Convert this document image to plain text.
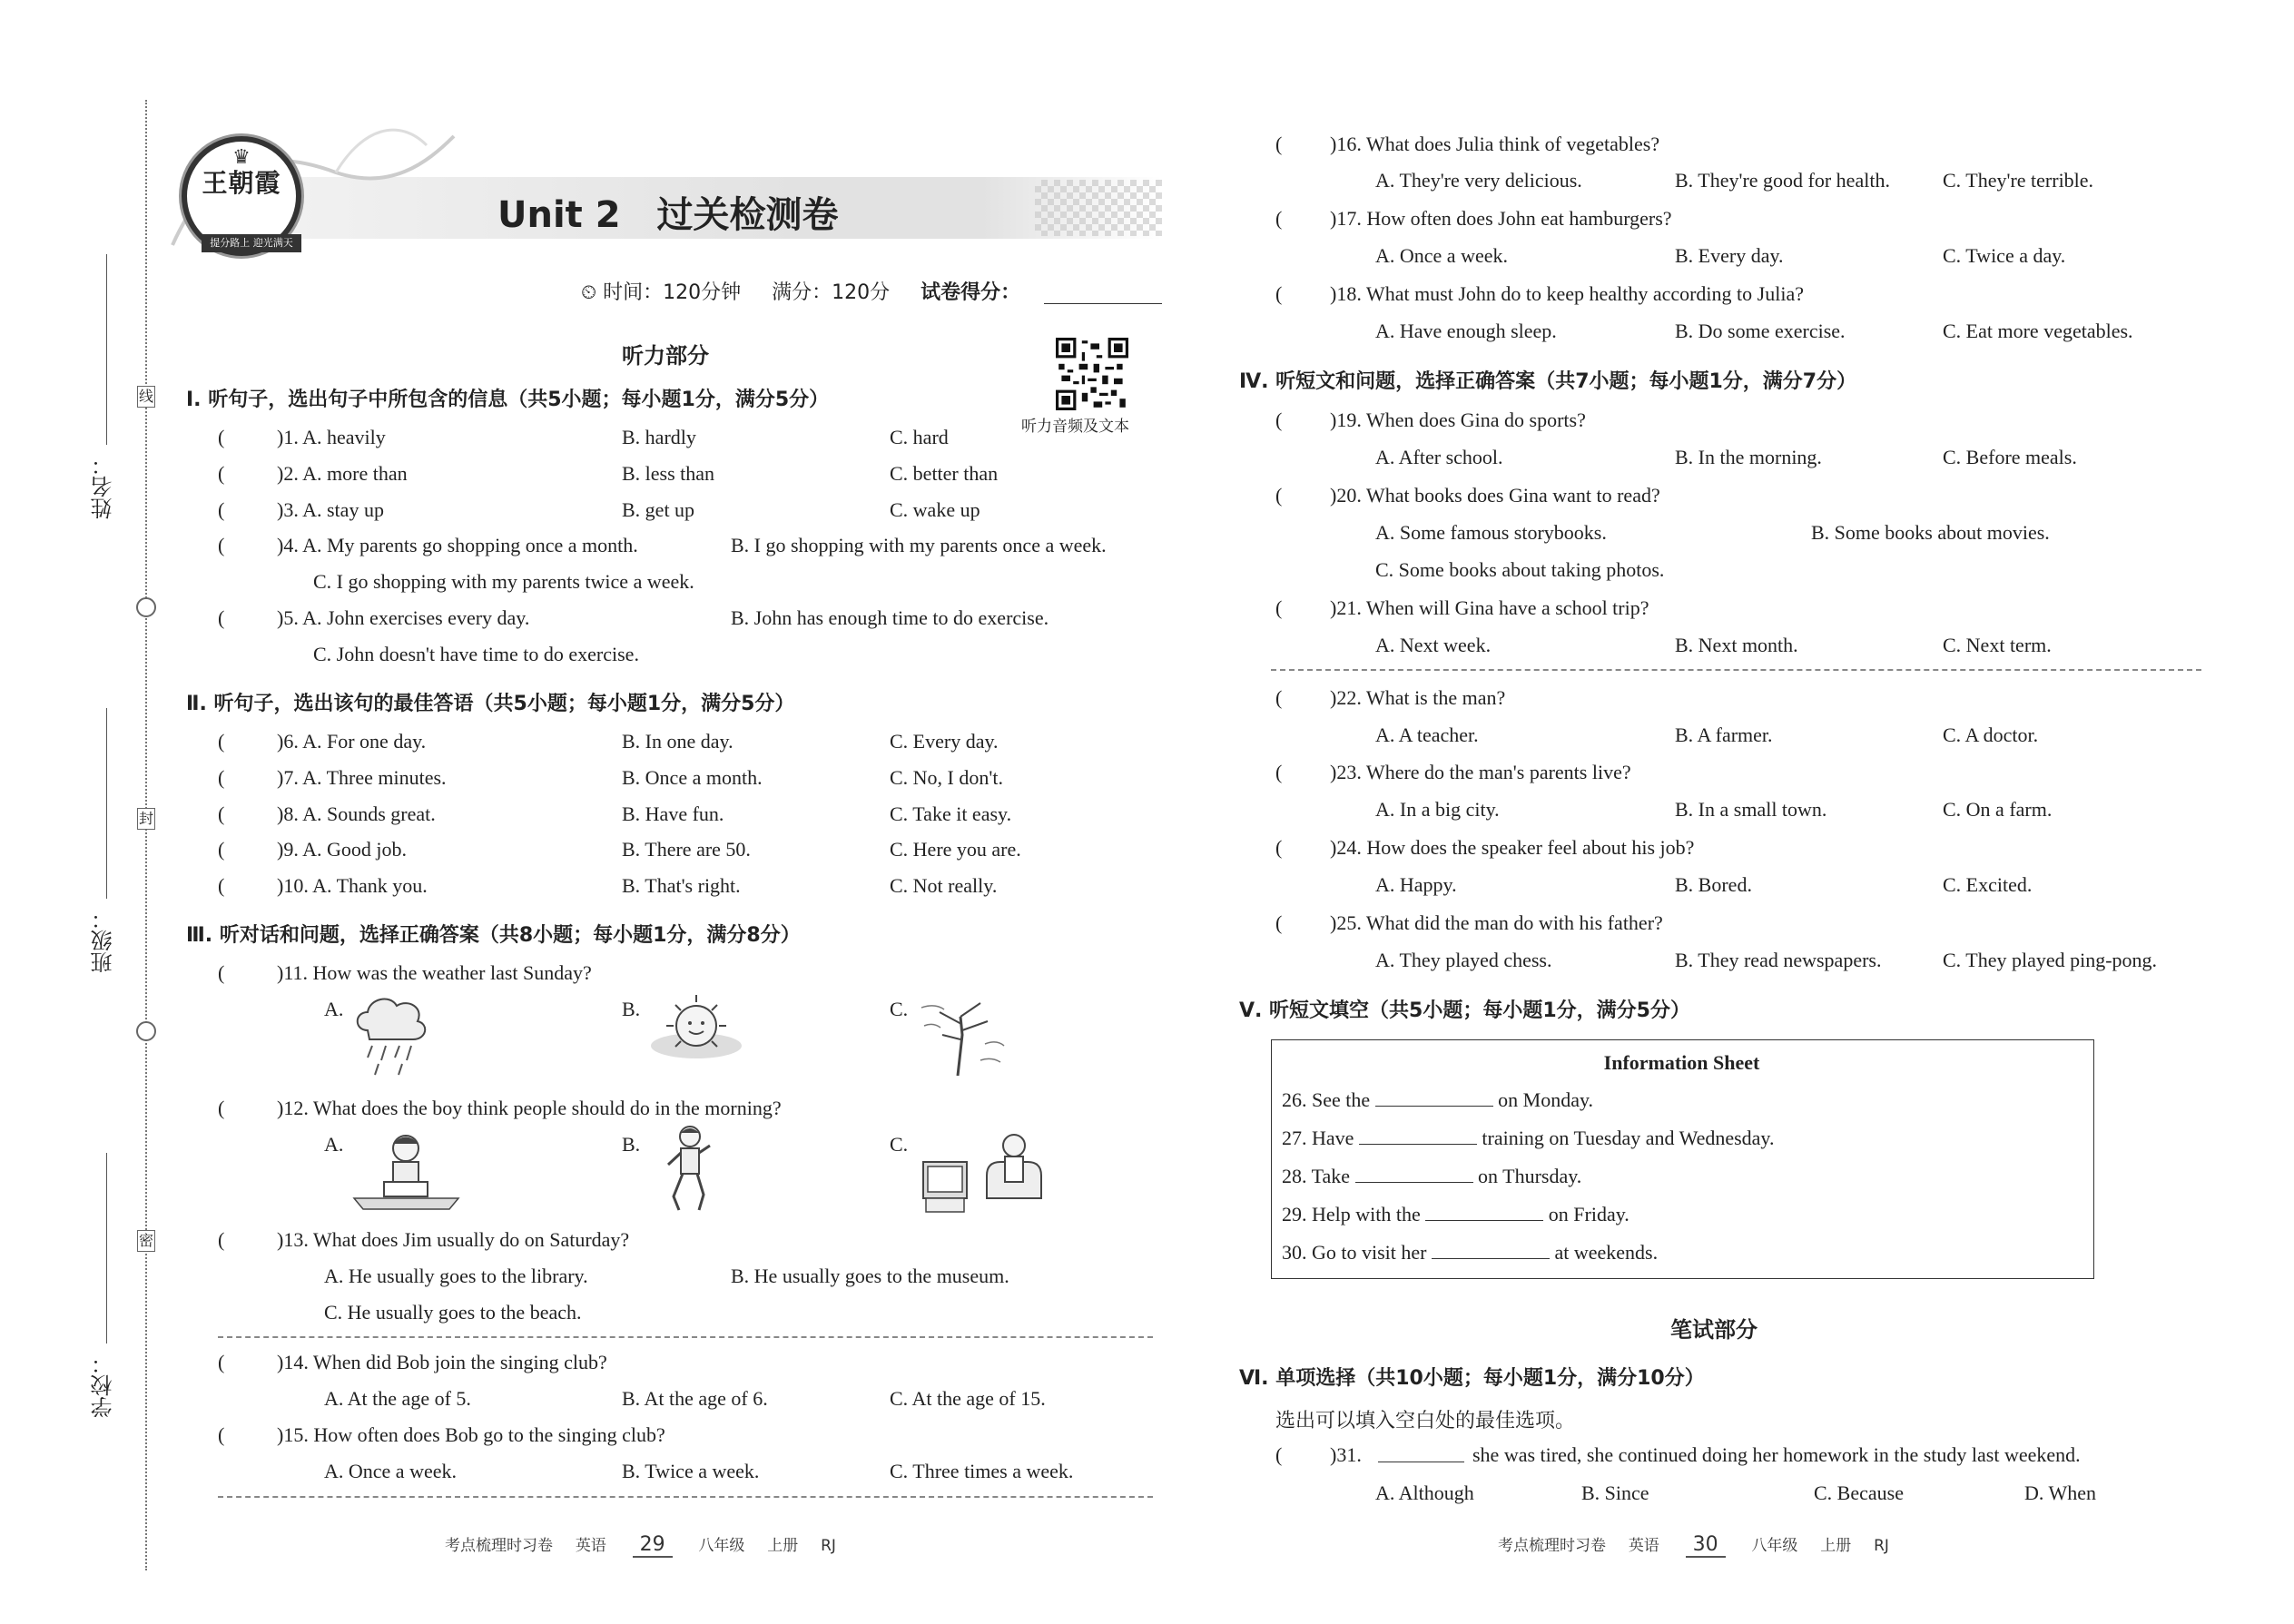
线
封
密
姓名：
班级：
学校：
♛
王朝霞
提分路上 迎光满天
Unit 2 过关检测卷
⏲ 时间：120分钟 满分：120分 试卷得分：
听力部分
听力音频及文本
Ⅰ. 听句子，选出句子中所包含的信息（共5小题；每小题1分，满分5分）
(	)1. A. heavily	B. hardly	C. hard
(	)2. A. more than	B. less than	C. better than
(	)3. A. stay up	B. get up	C. wake up
(	)4. A. My parents go shopping once a month.	B. I go shopping with my parents once a week.
C. I go shopping with my parents twice a week.
(	)5. A. John exercises every day.	B. John has enough time to do exercise.
C. John doesn't have time to do exercise.
Ⅱ. 听句子，选出该句的最佳答语（共5小题；每小题1分，满分5分）
(	)6. A. For one day.	B. In one day.	C. Every day.
(	)7. A. Three minutes.	B. Once a month.	C. No, I don't.
(	)8. A. Sounds great.	B. Have fun.	C. Take it easy.
(	)9. A. Good job.	B. There are 50.	C. Here you are.
(	)10. A. Thank you.	B. That's right.	C. Not really.
Ⅲ. 听对话和问题，选择正确答案（共8小题；每小题1分，满分8分）
(	)11. How was the weather last Sunday?
A.	B.	C.
(	)12. What does the boy think people should do in the morning?
A.	B.	C.
(	)13. What does Jim usually do on Saturday?
A. He usually goes to the library.	B. He usually goes to the museum.
C. He usually goes to the beach.
(	)14. When did Bob join the singing club?
A. At the age of 5.	B. At the age of 6.	C. At the age of 15.
(	)15. How often does Bob go to the singing club?
A. Once a week.	B. Twice a week.	C. Three times a week.
考点梳理时习卷 英语 29 八年级 上册 RJ
( )16. What does Julia think of vegetables?
A. They're very delicious.	B. They're good for health.	C. They're terrible.
( )17. How often does John eat hamburgers?
A. Once a week.	B. Every day.	C. Twice a day.
( )18. What must John do to keep healthy according to Julia?
A. Have enough sleep.	B. Do some exercise.	C. Eat more vegetables.
Ⅳ. 听短文和问题，选择正确答案（共7小题；每小题1分，满分7分）
( )19. When does Gina do sports?
A. After school.	B. In the morning.	C. Before meals.
( )20. What books does Gina want to read?
A. Some famous storybooks.	B. Some books about movies.
C. Some books about taking photos.
( )21. When will Gina have a school trip?
A. Next week.	B. Next month.	C. Next term.
( )22. What is the man?
A. A teacher.	B. A farmer.	C. A doctor.
( )23. Where do the man's parents live?
A. In a big city.	B. In a small town.	C. On a farm.
( )24. How does the speaker feel about his job?
A. Happy.	B. Bored.	C. Excited.
( )25. What did the man do with his father?
A. They played chess.	B. They read newspapers.	C. They played ping-pong.
Ⅴ. 听短文填空（共5小题；每小题1分，满分5分）
Information Sheet
26. See the	on Monday.
27. Have	training on Tuesday and Wednesday.
28. Take	on Thursday.
29. Help with the	on Friday.
30. Go to visit her	at weekends.
笔试部分
Ⅵ. 单项选择（共10小题；每小题1分，满分10分）
选出可以填入空白处的最佳选项。
( )31.	she was tired, she continued doing her homework in the study last weekend.
A. Although	B. Since	C. Because	D. When
考点梳理时习卷 英语 30 八年级 上册 RJ
